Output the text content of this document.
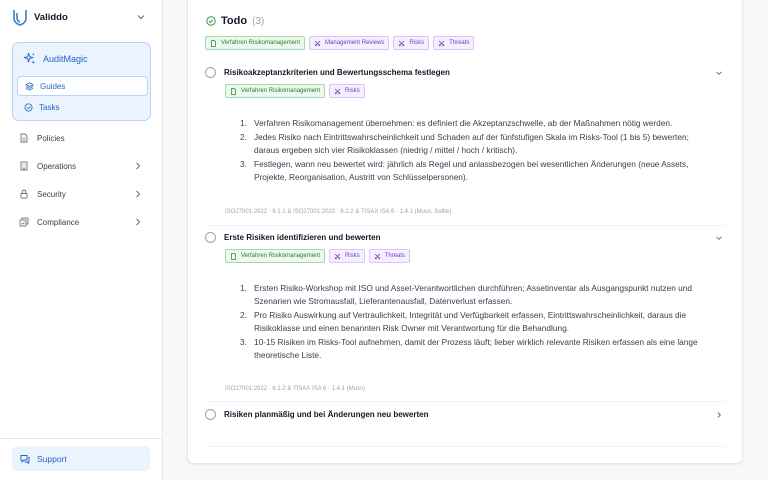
Validdo
AuditMagic
Guides
Tasks
Policies
Operations
Security
Compliance
Support
Todo (3)
Verfahren Risikomanagement	Management Reviews	Risks	Threats
Risikoakzeptanzkriterien und Bewertungsschema festlegen
Verfahren Risikomanagement	Risks
1. Verfahren Risikomanagement übernehmen: es definiert die Akzeptanzschwelle, ab der Maßnahmen nötig werden.
2. Jedes Risiko nach Eintrittswahrscheinlichkeit und Schaden auf der fünfstufigen Skala im Risks-Tool (1 bis 5) bewerten; daraus ergeben sich vier Risikoklassen (niedrig / mittel / hoch / kritisch).
3. Festlegen, wann neu bewertet wird: jährlich als Regel und anlassbezogen bei wesentlichen Änderungen (neue Assets, Projekte, Reorganisation, Austritt von Schlüsselpersonen).
ISO27001:2022 · 6.1.1 & ISO27001:2022 · 6.1.2 & TISAX ISA 6 · 1.4.1 (Muss, Sollte)
Erste Risiken identifizieren und bewerten
Verfahren Risikomanagement	Risks	Threats
1. Ersten Risiko-Workshop mit ISO und Asset-Verantwortlichen durchführen; Assetinventar als Ausgangspunkt nutzen und Szenarien wie Stromausfall, Lieferantenausfall, Datenverlust erfassen.
2. Pro Risiko Auswirkung auf Vertraulichkeit, Integrität und Verfügbarkeit erfassen, Eintrittswahrscheinlichkeit, daraus die Risikoklasse und einen benannten Risk Owner mit Verantwortung für die Behandlung.
3. 10-15 Risiken im Risks-Tool aufnehmen, damit der Prozess läuft; lieber wirklich relevante Risiken erfassen als eine lange theoretische Liste.
ISO27001:2022 · 6.1.2 & TISAX ISA 6 · 1.4.1 (Muss)
Risiken planmäßig und bei Änderungen neu bewerten
